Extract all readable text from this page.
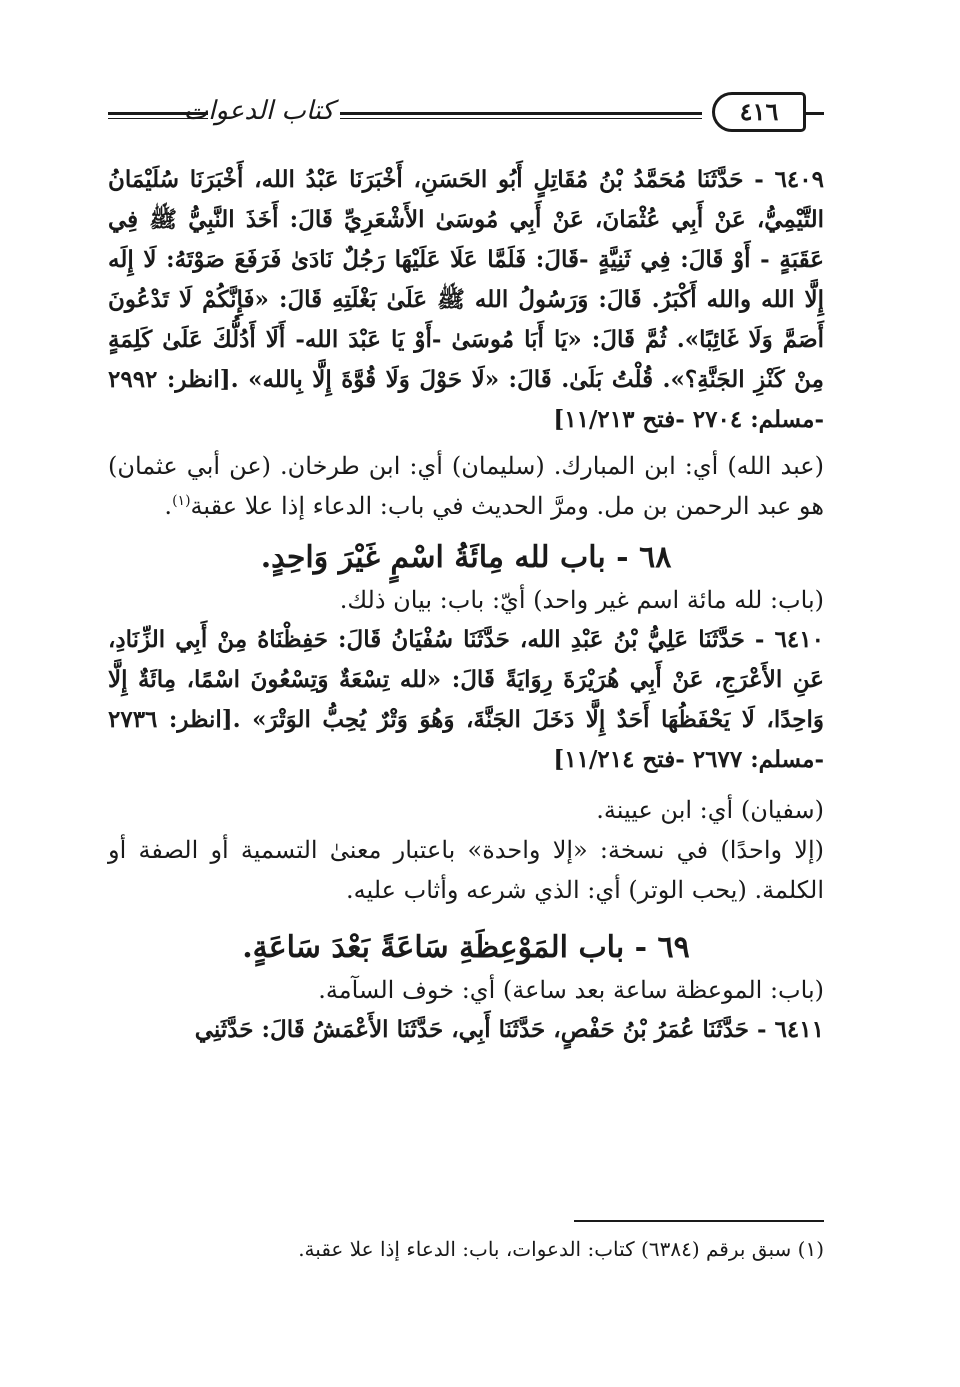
كتاب الدعوات	٤١٦

٦٤٠٩ - حَدَّثَنَا مُحَمَّدُ بْنُ مُقَاتِلٍ أَبُو الحَسَنِ، أَخْبَرَنَا عَبْدُ الله، أَخْبَرَنَا سُلَيْمَانُ التَّيْمِيُّ، عَنْ أَبِي عُثْمَانَ، عَنْ أَبِي مُوسَىٰ الأَشْعَرِيِّ قَالَ: أَخَذَ النَّبِيُّ ﷺ فِي عَقَبَةٍ - أَوْ قَالَ: فِي ثَنِيَّةٍ -قَالَ: فَلَمَّا عَلَا عَلَيْهَا رَجُلٌ نَادَىٰ فَرَفَعَ صَوْتَهُ: لَا إِلَه إِلَّا الله والله أَكْبَرُ. قَالَ: وَرَسُولُ الله ﷺ عَلَىٰ بَغْلَتِهِ قَالَ: «فَإِنَّكُمْ لَا تَدْعُونَ أَصَمَّ وَلَا غَائِبًا». ثُمَّ قَالَ: «يَا أَبَا مُوسَىٰ -أَوْ يَا عَبْدَ الله- أَلَا أَدُلُّكَ عَلَىٰ كَلِمَةٍ مِنْ كَنْزِ الجَنَّةِ؟». قُلْتُ بَلَىٰ. قَالَ: «لَا حَوْلَ وَلَا قُوَّةَ إِلَّا بِالله» .[انظر: ٢٩٩٢ -مسلم: ٢٧٠٤ -فتح ١١/٢١٣]

(عبد الله) أي: ابن المبارك. (سليمان) أي: ابن طرخان. (عن أبي عثمان) هو عبد الرحمن بن مل. ومرَّ الحديث في باب: الدعاء إذا علا عقبة$^{(١)}$.

٦٨ - باب لله مِائَةُ اسْمٍ غَيْرَ وَاحِدٍ.

(باب: لله مائة اسم غير واحد) أيّ: باب: بيان ذلك.

٦٤١٠ - حَدَّثَنَا عَلِيُّ بْنُ عَبْدِ الله، حَدَّثَنَا سُفْيَانُ قَالَ: حَفِظْنَاهُ مِنْ أَبِي الزِّنَادِ، عَنِ الأَعْرَجِ، عَنْ أَبِي هُرَيْرَةَ رِوَايَةً قَالَ: «لله تِسْعَةٌ وَتِسْعُونَ اسْمًا، مِائَةٌ إِلَّا وَاحِدًا، لَا يَحْفَظُهَا أَحَدٌ إِلَّا دَخَلَ الجَنَّةَ، وَهُوَ وَتْرٌ يُحِبُّ الوَتْرَ» .[انظر: ٢٧٣٦ -مسلم: ٢٦٧٧ -فتح ١١/٢١٤]

(سفيان) أي: ابن عيينة.

(إلا واحدًا) في نسخة: «إلا واحدة» باعتبار معنىٰ التسمية أو الصفة أو الكلمة. (يحب الوتر) أي: الذي شرعه وأثاب عليه.

٦٩ - باب المَوْعِظَةِ سَاعَةً بَعْدَ سَاعَةٍ.

(باب: الموعظة ساعة بعد ساعة) أي: خوف السآمة.

٦٤١١ - حَدَّثَنَا عُمَرُ بْنُ حَفْصٍ، حَدَّثَنَا أَبِي، حَدَّثَنَا الأَعْمَشُ قَالَ: حَدَّثَنِي

(١) سبق برقم (٦٣٨٤) كتاب: الدعوات، باب: الدعاء إذا علا عقبة.
